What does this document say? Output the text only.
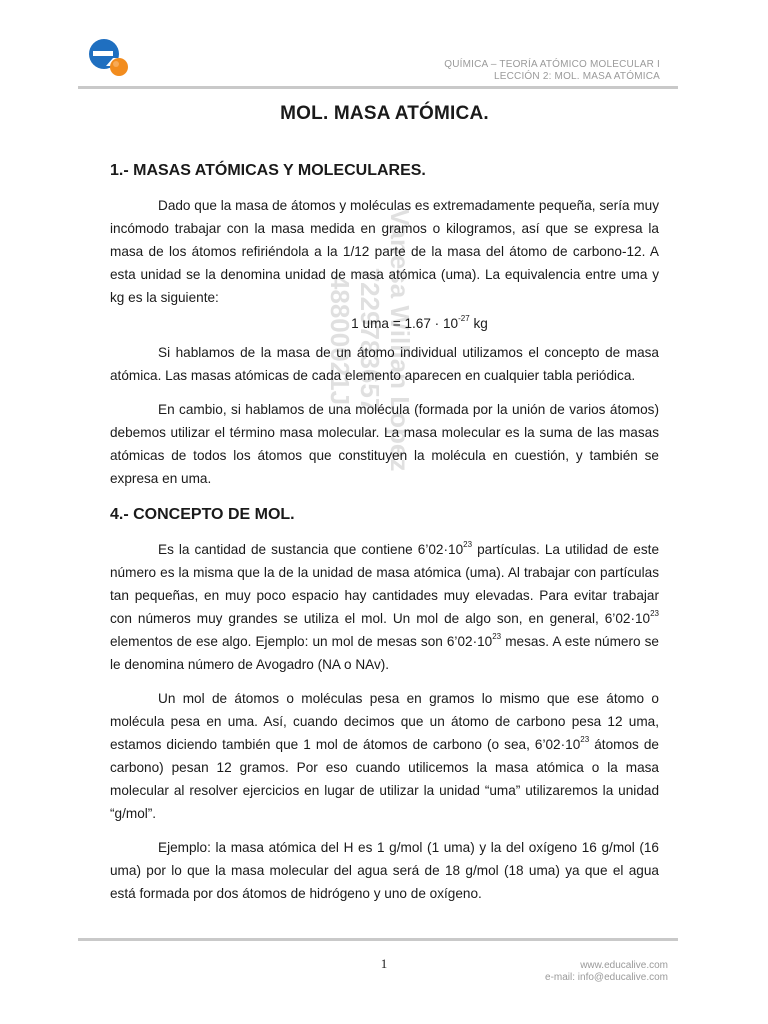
QUÍMICA – TEORÍA ATÓMICO MOLECULAR I
LECCIÓN 2: MOL. MASA ATÓMICA
Vanesa Willian Lopez
7229783657
48800021J
MOL. MASA ATÓMICA.
1.- MASAS ATÓMICAS Y MOLECULARES.

Dado que la masa de átomos y moléculas es extremadamente pequeña, sería muy incómodo trabajar con la masa medida en gramos o kilogramos, así que se expresa la masa de los átomos refiriéndola a la 1/12 parte de la masa del átomo de carbono-12. A esta unidad se la denomina unidad de masa atómica (uma). La equivalencia entre uma y kg es la siguiente:

1 uma = $1.67 \cdot 10^{-27}$ kg

Si hablamos de la masa de un átomo individual utilizamos el concepto de masa atómica. Las masas atómicas de cada elemento aparecen en cualquier tabla periódica.

En cambio, si hablamos de una molécula (formada por la unión de varios átomos) debemos utilizar el término masa molecular. La masa molecular es la suma de las masas atómicas de todos los átomos que constituyen la molécula en cuestión, y también se expresa en uma.

4.- CONCEPTO DE MOL.

Es la cantidad de sustancia que contiene $6’02\cdot 10^{23}$ partículas. La utilidad de este número es la misma que la de la unidad de masa atómica (uma). Al trabajar con partículas tan pequeñas, en muy poco espacio hay cantidades muy elevadas. Para evitar trabajar con números muy grandes se utiliza el mol. Un mol de algo son, en general, $6’02\cdot 10^{23}$ elementos de ese algo. Ejemplo: un mol de mesas son $6’02\cdot 10^{23}$ mesas. A este número se le denomina número de Avogadro (NA o NAv).

Un mol de átomos o moléculas pesa en gramos lo mismo que ese átomo o molécula pesa en uma. Así, cuando decimos que un átomo de carbono pesa 12 uma, estamos diciendo también que 1 mol de átomos de carbono (o sea, $6’02\cdot 10^{23}$ átomos de carbono) pesan 12 gramos. Por eso cuando utilicemos la masa atómica o la masa molecular al resolver ejercicios en lugar de utilizar la unidad “uma” utilizaremos la unidad “g/mol”.

Ejemplo: la masa atómica del H es 1 g/mol (1 uma) y la del oxígeno 16 g/mol (16 uma) por lo que la masa molecular del agua será de 18 g/mol (18 uma) ya que el agua está formada por dos átomos de hidrógeno y uno de oxígeno.

1	www.educalive.com
e-mail: info@educalive.com
